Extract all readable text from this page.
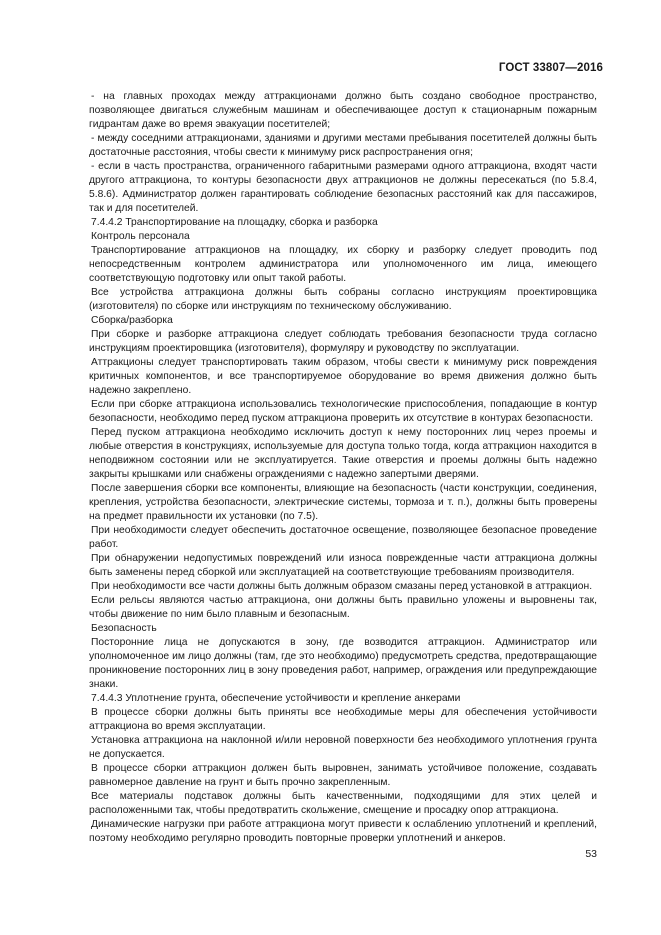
ГОСТ 33807—2016

- на главных проходах между аттракционами должно быть создано свободное пространство, позволяющее двигаться служебным машинам и обеспечивающее доступ к стационарным пожарным гидрантам даже во время эвакуации посетителей;

- между соседними аттракционами, зданиями и другими местами пребывания посетителей должны быть достаточные расстояния, чтобы свести к минимуму риск распространения огня;

- если в часть пространства, ограниченного габаритными размерами одного аттракциона, входят части другого аттракциона, то контуры безопасности двух аттракционов не должны пересекаться (по 5.8.4, 5.8.6). Администратор должен гарантировать соблюдение безопасных расстояний как для пассажиров, так и для посетителей.

7.4.4.2 Транспортирование на площадку, сборка и разборка

Контроль персонала

Транспортирование аттракционов на площадку, их сборку и разборку следует проводить под непосредственным контролем администратора или уполномоченного им лица, имеющего соответствующую подготовку или опыт такой работы.

Все устройства аттракциона должны быть собраны согласно инструкциям проектировщика (изготовителя) по сборке или инструкциям по техническому обслуживанию.

Сборка/разборка

При сборке и разборке аттракциона следует соблюдать требования безопасности труда согласно инструкциям проектировщика (изготовителя), формуляру и руководству по эксплуатации.

Аттракционы следует транспортировать таким образом, чтобы свести к минимуму риск повреждения критичных компонентов, и все транспортируемое оборудование во время движения должно быть надежно закреплено.

Если при сборке аттракциона использовались технологические приспособления, попадающие в контур безопасности, необходимо перед пуском аттракциона проверить их отсутствие в контурах безопасности.

Перед пуском аттракциона необходимо исключить доступ к нему посторонних лиц через проемы и любые отверстия в конструкциях, используемые для доступа только тогда, когда аттракцион находится в неподвижном состоянии или не эксплуатируется. Такие отверстия и проемы должны быть надежно закрыты крышками или снабжены ограждениями с надежно запертыми дверями.

После завершения сборки все компоненты, влияющие на безопасность (части конструкции, соединения, крепления, устройства безопасности, электрические системы, тормоза и т. п.), должны быть проверены на предмет правильности их установки (по 7.5).

При необходимости следует обеспечить достаточное освещение, позволяющее безопасное проведение работ.

При обнаружении недопустимых повреждений или износа поврежденные части аттракциона должны быть заменены перед сборкой или эксплуатацией на соответствующие требованиям производителя.

При необходимости все части должны быть должным образом смазаны перед установкой в аттракцион.

Если рельсы являются частью аттракциона, они должны быть правильно уложены и выровнены так, чтобы движение по ним было плавным и безопасным.

Безопасность

Посторонние лица не допускаются в зону, где возводится аттракцион. Администратор или уполномоченное им лицо должны (там, где это необходимо) предусмотреть средства, предотвращающие проникновение посторонних лиц в зону проведения работ, например, ограждения или предупреждающие знаки.

7.4.4.3 Уплотнение грунта, обеспечение устойчивости и крепление анкерами

В процессе сборки должны быть приняты все необходимые меры для обеспечения устойчивости аттракциона во время эксплуатации.

Установка аттракциона на наклонной и/или неровной поверхности без необходимого уплотнения грунта не допускается.

В процессе сборки аттракцион должен быть выровнен, занимать устойчивое положение, создавать равномерное давление на грунт и быть прочно закрепленным.

Все материалы подставок должны быть качественными, подходящими для этих целей и расположенными так, чтобы предотвратить скольжение, смещение и просадку опор аттракциона.

Динамические нагрузки при работе аттракциона могут привести к ослаблению уплотнений и креплений, поэтому необходимо регулярно проводить повторные проверки уплотнений и анкеров.

53
